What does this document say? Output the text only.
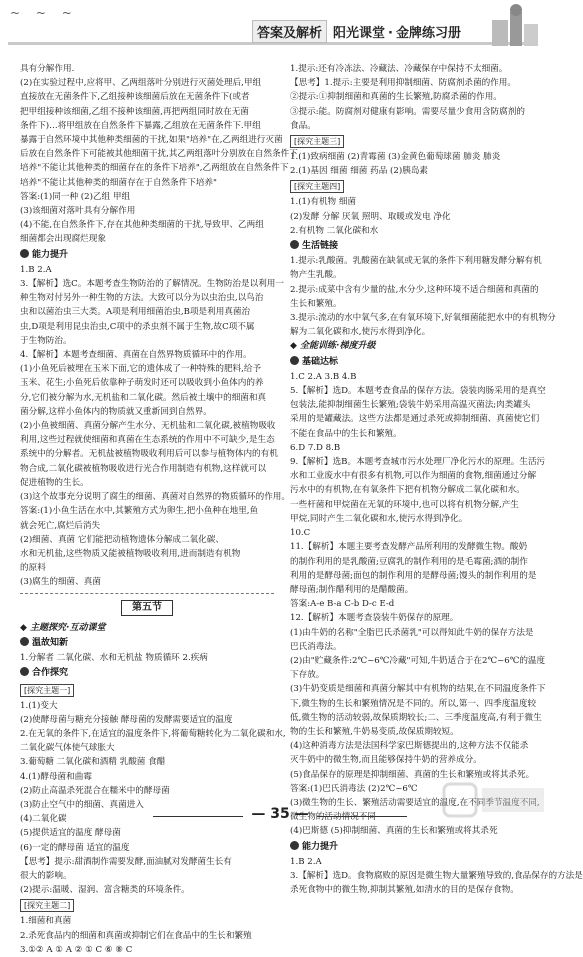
~ ~ ~
答案及解析 阳光课堂 · 金牌练习册

具有分解作用.

(2)在实验过程中,应将甲、乙两组落叶分别进行灭菌处理后,甲组

直接放在无菌条件下,乙组接种该细菌后放在无菌条件下(或者

把甲组接种该细菌,乙组不接种该细菌,再把两组同时放在无菌

条件下)…将甲组放在自然条件下暴露,乙组放在无菌条件下.甲组

暴露于自然环境中其他种类细菌的干扰,如果"培养"在,乙两组进行灭菌

后放在自然条件下可能被其他细菌干扰,其乙两组落叶分别放在自然条件下

培养"不能让其他种类的细菌存在的条件下培养",乙两组放在自然条件下

培养"不能让其他种类的细菌存在于自然条件下培养"

答案:(1)同一种 (2)乙组 甲组

(3)该细菌对落叶具有分解作用

(4)不能,在自然条件下,存在其他种类细菌的干扰,导致甲、乙两组

细菌都会出现腐烂现象

能力提升

1.B 2.A

3.【解析】选C。本题考查生物防治的了解情况。生物防治是以利用一

种生物对付另外一种生物的方法。大致可以分为以虫治虫,以鸟治

虫和以菌治虫三大类。A项是利用细菌治虫,B项是利用真菌治

虫,D项是利用昆虫治虫,C项中的杀虫剂不属于生物,故C项不属

于生物防治。

4.【解析】本题考查细菌、真菌在自然界物质循环中的作用。

(1)小鱼死后被埋在玉米下面,它的遗体成了一种特殊的肥料,给予

玉米、花生;小鱼死后依靠种子萌发时还可以吸收到小鱼体内的养

分,它们被分解为水,无机盐和二氧化碳。然后被土壤中的细菌和真

菌分解,这样小鱼体内的物质就又重新回到自然界。

(2)小鱼被细菌、真菌分解产生水分、无机盐和二氧化碳,被植物吸收

利用,这些过程就使细菌和真菌在生态系统的作用中不可缺少,是生态

系统中的分解者。无机盐被植物吸收利用后可以参与植物体内的有机

物合成,二氧化碳被植物吸收进行光合作用制造有机物,这样就可以

促进植物的生长。

(3)这个故事充分说明了腐生的细菌、真菌对自然界的物质循环的作用。

答案:(1)小鱼生活在水中,其繁殖方式为卵生,把小鱼种在地里,鱼

就会死亡,腐烂后消失

(2)细菌、真菌 它们能把动植物遗体分解成二氧化碳、

水和无机盐,这些物质又能被植物吸收利用,进而制造有机物

的原料

(3)腐生的细菌、真菌

第五节

◆ 主题探究·互动课堂

温故知新

1.分解者 二氧化碳、水和无机盐 物质循环 2.疾病

合作探究
[探究主题一]

1.(1)变大

(2)使酵母菌与糖充分接触 酵母菌的发酵需要适宜的温度

2.在无氧的条件下,在适宜的温度条件下,将葡萄糖转化为二氧化碳和水,

二氧化碳气体使气球胀大

3.葡萄糖 二氧化碳和酒精 乳酸菌 食醋

4.(1)酵母菌和曲霉

(2)防止高温杀死混合在糯米中的酵母菌

(3)防止空气中的细菌、真菌进入

(4)二氧化碳

(5)提供适宜的温度 酵母菌

(6)一定的酵母菌 适宜的温度

【思考】提示:甜酒制作需要发酵,面油腻对发酵菌生长有

很大的影响。

(2)提示:温暖、湿润、富含糖类的环境条件。

[探究主题二]

1.细菌和真菌

2.杀死食品内的细菌和真菌或抑制它们在食品中的生长和繁殖

3.①② A ① A ② ① C ⑥ ⑧ C

1.提示:还有冷冻法、冷藏法、冷藏保存中保持不太细菌。

【思考】1.提示:主要是利用抑制细菌、防腐剂杀菌的作用。

②提示:①抑制细菌和真菌的生长繁殖,防腐杀菌的作用。

③提示:能。防腐剂对健康有影响。需要尽量少食用含防腐剂的

食品。

[探究主题三]

1.(1)致病细菌 (2)青霉菌 (3)金黄色葡萄球菌 肺炎 肺炎

2.(1)基因 细菌 细菌 药品 (2)胰岛素

[探究主题四]

1.(1)有机物 细菌

(2)发酵 分解 厌氧 照明、取暖或发电 净化

2.有机物 二氧化碳和水

生活链接

1.提示:乳酸菌。乳酸菌在缺氧或无氧的条件下利用糖发酵分解有机

物产生乳酸。

2.提示:成菜中含有少量的盐,水分少,这种环境不适合细菌和真菌的

生长和繁殖。

3.提示:流动的水中氧气多,在有氧环境下,好氧细菌能把水中的有机物分

解为二氧化碳和水,使污水得到净化。

◆ 全能训练·梯度升级

基础达标

1.C 2.A 3.B 4.B

5.【解析】选D。本题考查食品的保存方法。袋装肉肠采用的是真空

包装法,能抑制细菌生长繁殖;袋装牛奶采用高温灭菌法;肉类罐头

采用的是罐藏法。这些方法都是通过杀死或抑制细菌、真菌使它们

不能在食品中的生长和繁殖。

6.D 7.D 8.B

9.【解析】选B。本题考查城市污水处理厂净化污水的原理。生活污

水和工业废水中有很多有机物,可以作为细菌的食物,细菌通过分解

污水中的有机物,在有氧条件下把有机物分解成二氧化碳和水。

一些杆菌和甲烷菌在无氧的环境中,也可以将有机物分解,产生

甲烷,同时产生二氧化碳和水,使污水得到净化。

10.C

11.【解析】本题主要考查发酵产品所利用的发酵微生物。酸奶

的制作利用的是乳酸菌;豆腐乳的制作利用的是毛霉菌;酒的制作

利用的是酵母菌;面包的制作利用的是酵母菌;馒头的制作利用的是

酵母菌;制作醋利用的是醋酸菌。

答案:A-e B-a C-b D-c E-d

12.【解析】本题考查袋装牛奶保存的原理。

(1)由牛奶的名称"全脂巴氏杀菌乳"可以得知此牛奶的保存方法是

巴氏消毒法。

(2)由"贮藏条件:2℃~6℃冷藏"可知,牛奶适合于在2℃~6℃的温度

下存放。

(3)牛奶变质是细菌和真菌分解其中有机物的结果,在不同温度条件下

下,微生物的生长和繁殖情况是不同的。所以,第一、四季度温度较

低,微生物的活动较弱,故保质期较长;二、三季度温度高,有利于微生

物的生长和繁殖,牛奶易变质,故保质期较短。

(4)这种消毒方法是法国科学家巴斯德提出的,这种方法不仅能杀

灭牛奶中的微生物,而且能够保持牛奶的营养成分。

(5)食品保存的原理是抑制细菌、真菌的生长和繁殖或将其杀死。

答案:(1)巴氏消毒法 (2)2℃~6℃

(3)微生物的生长、繁殖活动需要适宜的温度,在不同季节温度不同,

微生物的活动情况不同

(4)巴斯德 (5)抑制细菌、真菌的生长和繁殖或将其杀死

能力提升

1.B 2.A

3.【解析】选D。食物腐败的原因是微生物大量繁殖导致的,食品保存的方法是

杀死食物中的微生物,抑制其繁殖,如清水的目的是保存食物。

— 35 —
